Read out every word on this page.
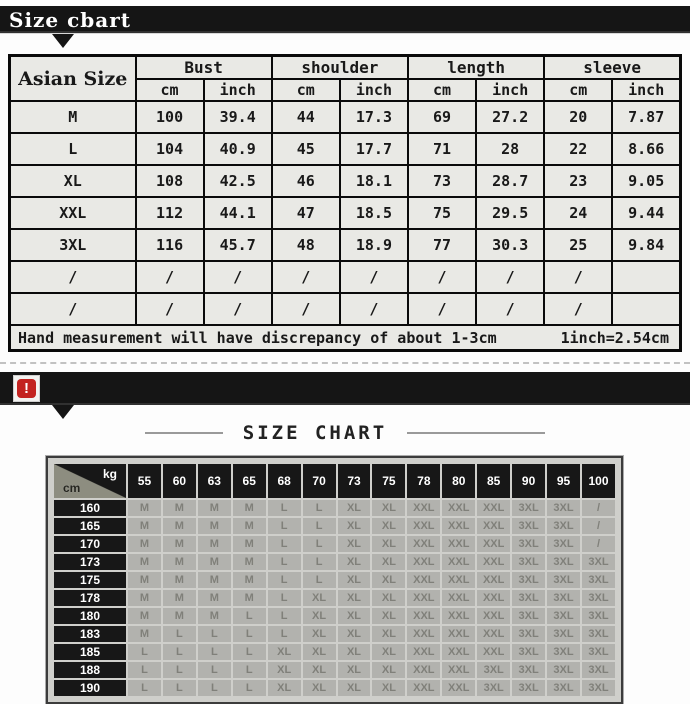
Size cbart
Asian Size	Bust		shoulder		length		sleeve	
	cm	inch	cm	inch	cm	inch	cm	inch
M	100	39.4	44	17.3	69	27.2	20	7.87
L	104	40.9	45	17.7	71	28	22	8.66
XL	108	42.5	46	18.1	73	28.7	23	9.05
XXL	112	44.1	47	18.5	75	29.5	24	9.44
3XL	116	45.7	48	18.9	77	30.3	25	9.84
/	/	/	/	/	/	/	/	
/	/	/	/	/	/	/	/	

Hand measurement will have discrepancy of about 1-3cm 1inch=2.54cm								
!
SIZE CHART
kg
cm	55	60	63	65	68	70	73	75	78	80	85	90	95	100
160	M	M	M	M	L	L	XL	XL	XXL	XXL	XXL	3XL	3XL	/
165	M	M	M	M	L	L	XL	XL	XXL	XXL	XXL	3XL	3XL	/
170	M	M	M	M	L	L	XL	XL	XXL	XXL	XXL	3XL	3XL	/
173	M	M	M	M	L	L	XL	XL	XXL	XXL	XXL	3XL	3XL	3XL
175	M	M	M	M	L	L	XL	XL	XXL	XXL	XXL	3XL	3XL	3XL
178	M	M	M	M	L	XL	XL	XL	XXL	XXL	XXL	3XL	3XL	3XL
180	M	M	M	L	L	XL	XL	XL	XXL	XXL	XXL	3XL	3XL	3XL
183	M	L	L	L	L	XL	XL	XL	XXL	XXL	XXL	3XL	3XL	3XL
185	L	L	L	L	XL	XL	XL	XL	XXL	XXL	XXL	3XL	3XL	3XL
188	L	L	L	L	XL	XL	XL	XL	XXL	XXL	3XL	3XL	3XL	3XL
190	L	L	L	L	XL	XL	XL	XL	XXL	XXL	3XL	3XL	3XL	3XL
